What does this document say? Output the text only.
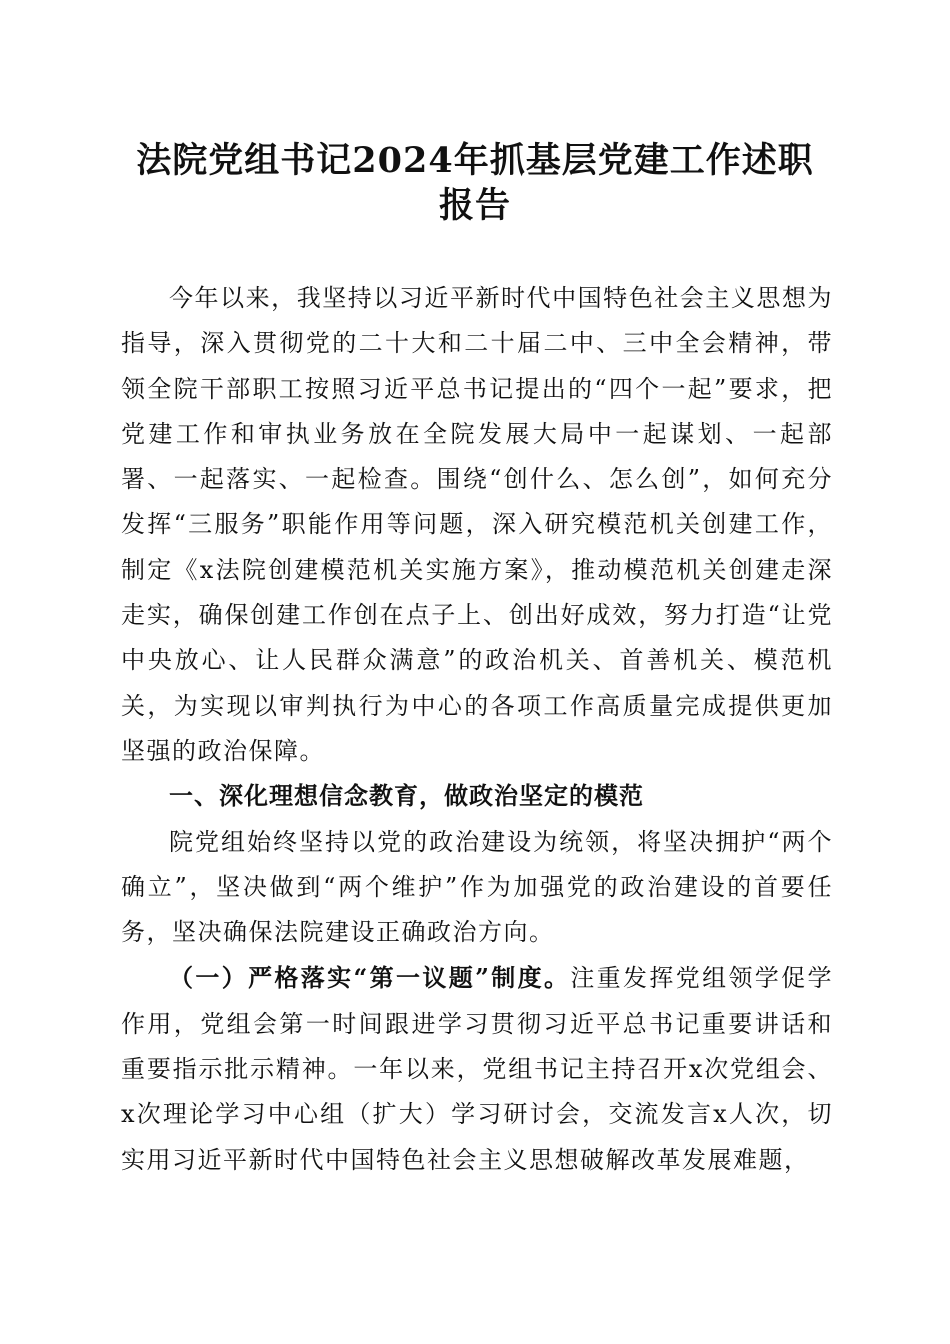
法院党组书记2024年抓基层党建工作述职报告

今年以来，我坚持以习近平新时代中国特色社会主义思想为指导，深入贯彻党的二十大和二十届二中、三中全会精神，带领全院干部职工按照习近平总书记提出的“四个一起”要求，把党建工作和审执业务放在全院发展大局中一起谋划、一起部署、一起落实、一起检查。围绕“创什么、怎么创”，如何充分发挥“三服务”职能作用等问题，深入研究模范机关创建工作，制定《x法院创建模范机关实施方案》，推动模范机关创建走深走实，确保创建工作创在点子上、创出好成效，努力打造“让党中央放心、让人民群众满意”的政治机关、首善机关、模范机关，为实现以审判执行为中心的各项工作高质量完成提供更加坚强的政治保障。

一、深化理想信念教育，做政治坚定的模范

院党组始终坚持以党的政治建设为统领，将坚决拥护“两个确立”，坚决做到“两个维护”作为加强党的政治建设的首要任务，坚决确保法院建设正确政治方向。

（一）严格落实“第一议题”制度。注重发挥党组领学促学作用，党组会第一时间跟进学习贯彻习近平总书记重要讲话和重要指示批示精神。一年以来，党组书记主持召开x次党组会、x次理论学习中心组（扩大）学习研讨会，交流发言x人次，切实用习近平新时代中国特色社会主义思想破解改革发展难题，
